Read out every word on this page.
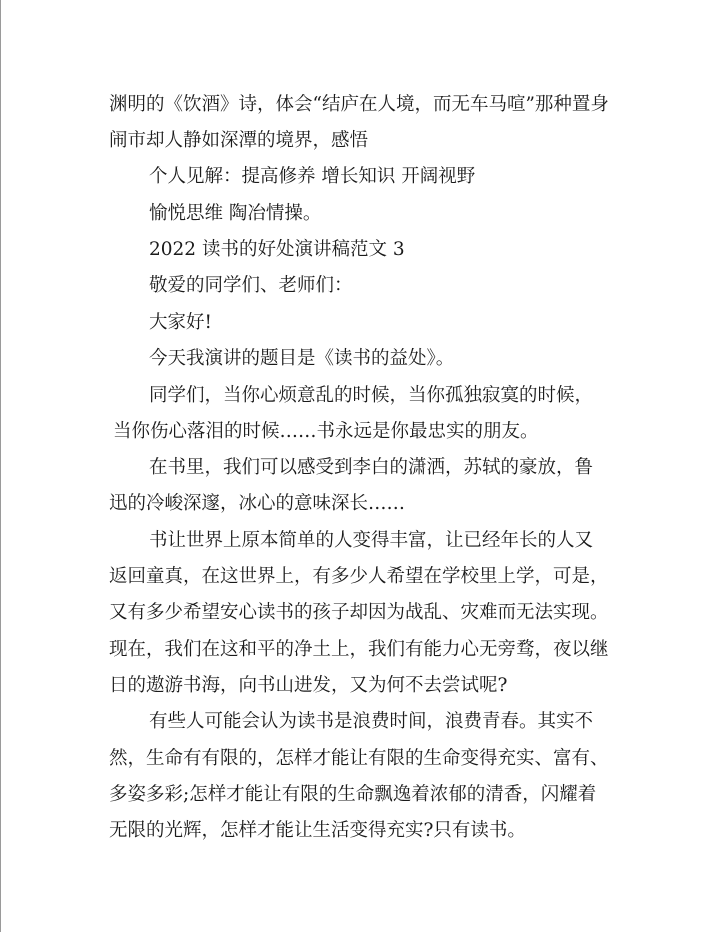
渊明的《饮酒》诗，体会“结庐在人境，而无车马喧”那种置身
闹市却人静如深潭的境界，感悟
个人见解：提高修养 增长知识 开阔视野
愉悦思维 陶冶情操。
2022 读书的好处演讲稿范文 3
敬爱的同学们、老师们：
大家好!
今天我演讲的题目是《读书的益处》。
同学们，当你心烦意乱的时候，当你孤独寂寞的时候，
当你伤心落泪的时候……书永远是你最忠实的朋友。
在书里，我们可以感受到李白的潇洒，苏轼的豪放，鲁
迅的冷峻深邃，冰心的意味深长……
书让世界上原本简单的人变得丰富，让已经年长的人又
返回童真，在这世界上，有多少人希望在学校里上学，可是，
又有多少希望安心读书的孩子却因为战乱、灾难而无法实现。
现在，我们在这和平的净土上，我们有能力心无旁骛，夜以继
日的遨游书海，向书山进发，又为何不去尝试呢?
有些人可能会认为读书是浪费时间，浪费青春。其实不
然，生命有有限的，怎样才能让有限的生命变得充实、富有、
多姿多彩;怎样才能让有限的生命飘逸着浓郁的清香，闪耀着
无限的光辉，怎样才能让生活变得充实?只有读书。
